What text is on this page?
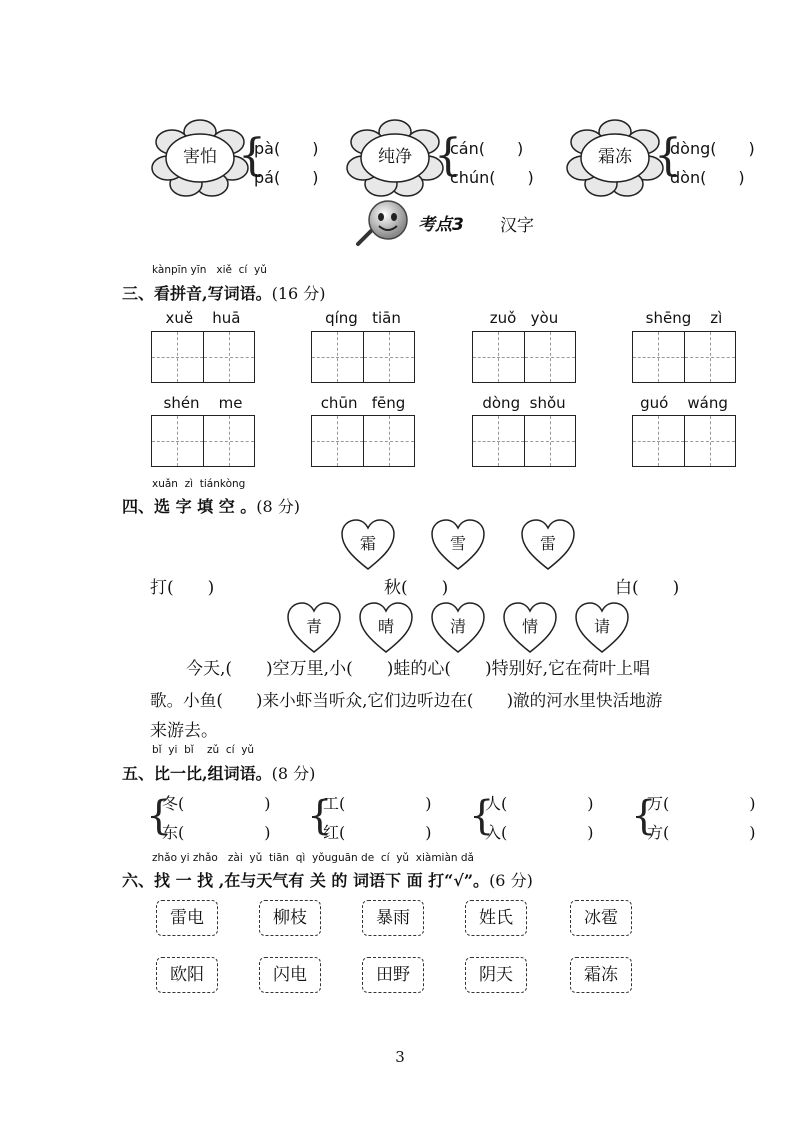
害怕 {
pà(　　)
pá(　　)
纯净 {
cán(　　)
chún(　　)
霜冻 {
dòng(　　)
dòn(　　)
考点3 汉字
kànpīn yīn   xiě  cí  yǔ
三、看拼音,写词语。(16 分)
xuě    huā	qíng   tiān	zuǒ   yòu	shēng    zì
shén    me	chūn   fēng	dòng  shǒu	guó    wáng
xuǎn  zì  tiánkòng
四、选 字 填 空 。(8 分)
霜	雪	雷
打(　　)	秋(　　)	白(　　)
青	晴	清	情	请
今天,(　　)空万里,小(　　)蛙的心(　　)特别好,它在荷叶上唱
歌。小鱼(　　)来小虾当听众,它们边听边在(　　)澈的河水里快活地游
来游去。
bǐ  yi  bǐ    zǔ  cí  yǔ
五、比一比,组词语。(8 分)
{
冬(　　　　　)
东(　　　　　) {
工(　　　　　)
红(　　　　　) {
人(　　　　　)
入(　　　　　) {
万(　　　　　)
方(　　　　　)
zhǎo yi zhǎo   zài  yǔ  tiān  qì  yǒuguān de  cí  yǔ  xiàmiàn dǎ
六、找 一 找 ,在与天气有 关 的 词语下 面 打“√”。(6 分)
雷电	柳枝	暴雨	姓氏	冰雹
欧阳	闪电	田野	阴天	霜冻
3
